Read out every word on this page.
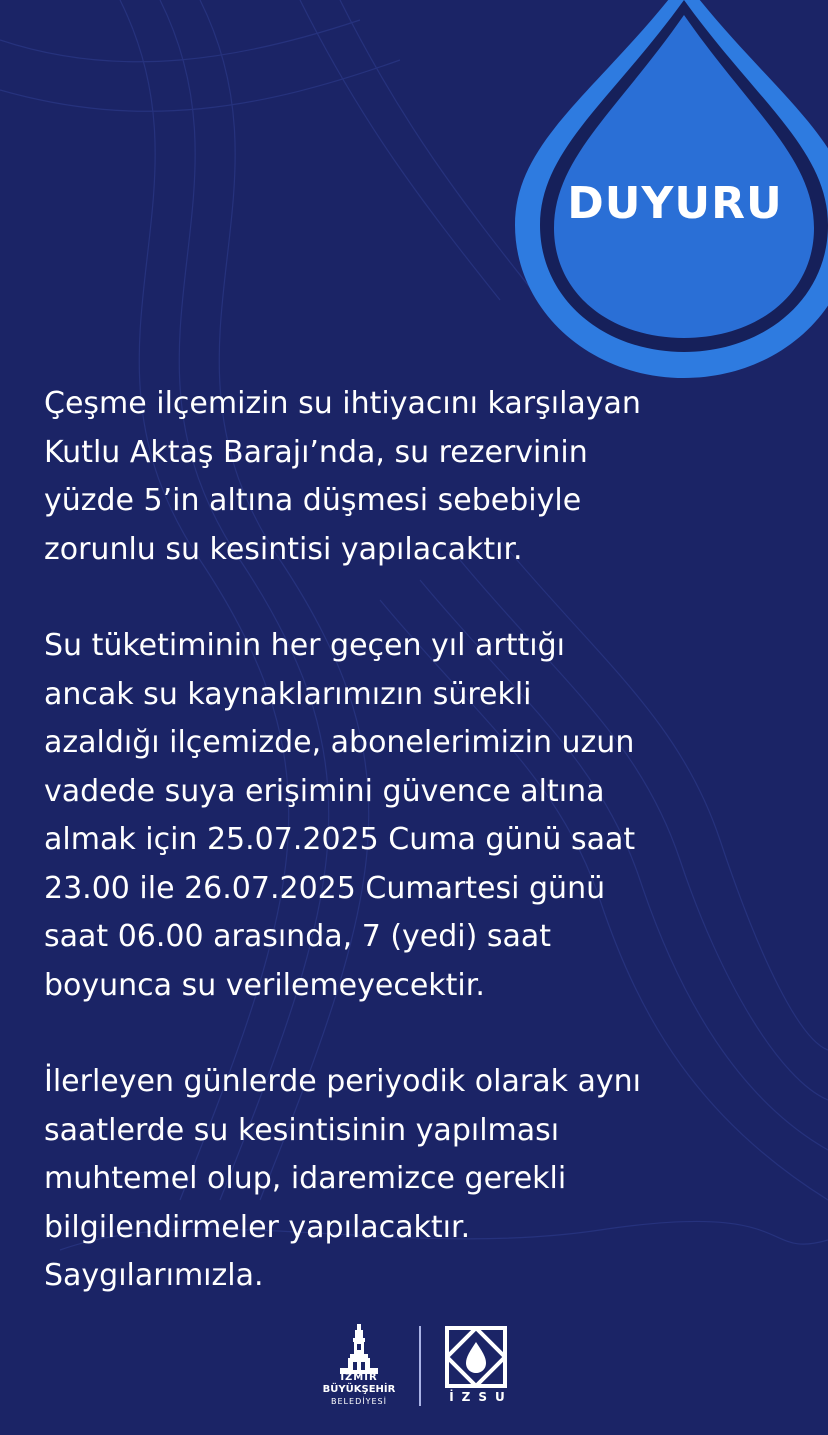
DUYURU

Çeşme ilçemizin su ihtiyacını karşılayan
Kutlu Aktaş Barajı’nda, su rezervinin
yüzde 5’in altına düşmesi sebebiyle
zorunlu su kesintisi yapılacaktır.

Su tüketiminin her geçen yıl arttığı
ancak su kaynaklarımızın sürekli
azaldığı ilçemizde, abonelerimizin uzun
vadede suya erişimini güvence altına
almak için 25.07.2025 Cuma günü saat
23.00 ile 26.07.2025 Cumartesi günü
saat 06.00 arasında, 7 (yedi) saat
boyunca su verilemeyecektir.

İlerleyen günlerde periyodik olarak aynı
saatlerde su kesintisinin yapılması
muhtemel olup, idaremizce gerekli
bilgilendirmeler yapılacaktır.
Saygılarımızla.

İZMİR
BÜYÜKŞEHİR
BELEDİYESİ	İZSU
